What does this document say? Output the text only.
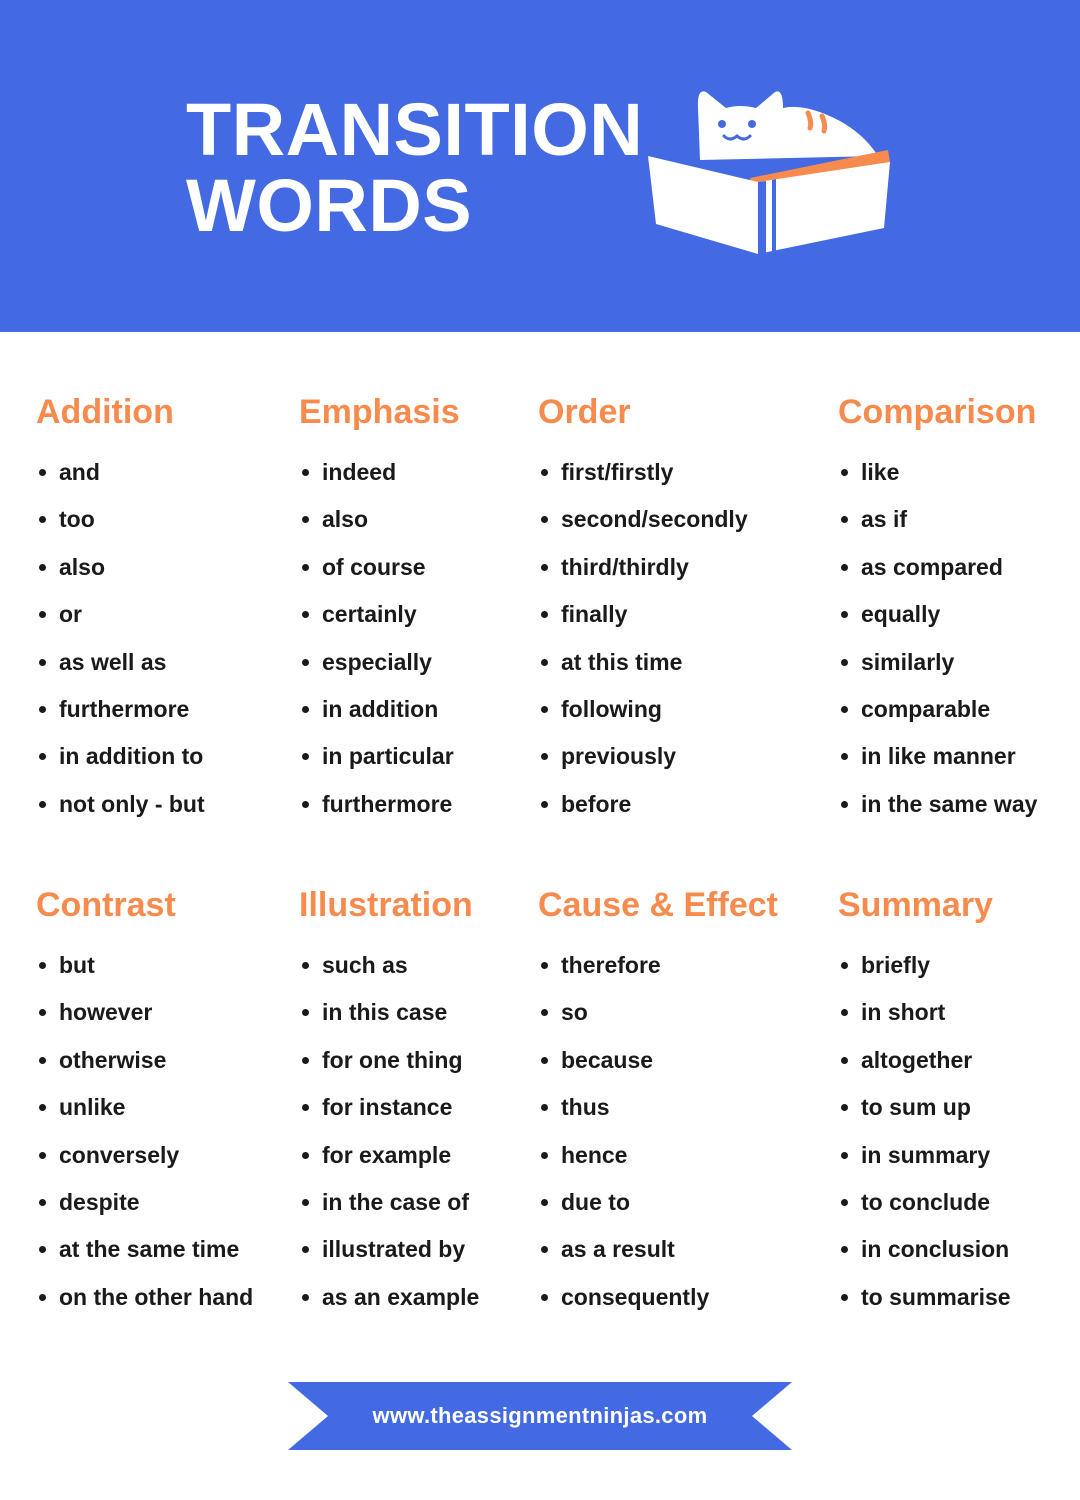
TRANSITION
WORDS
Addition
and
too
also
or
as well as
furthermore
in addition to
not only - but
Emphasis
indeed
also
of course
certainly
especially
in addition
in particular
furthermore
Order
first/firstly
second/secondly
third/thirdly
finally
at this time
following
previously
before
Comparison
like
as if
as compared
equally
similarly
comparable
in like manner
in the same way
Contrast
but
however
otherwise
unlike
conversely
despite
at the same time
on the other hand
Illustration
such as
in this case
for one thing
for instance
for example
in the case of
illustrated by
as an example
Cause & Effect
therefore
so
because
thus
hence
due to
as a result
consequently
Summary
briefly
in short
altogether
to sum up
in summary
to conclude
in conclusion
to summarise
www.theassignmentninjas.com
